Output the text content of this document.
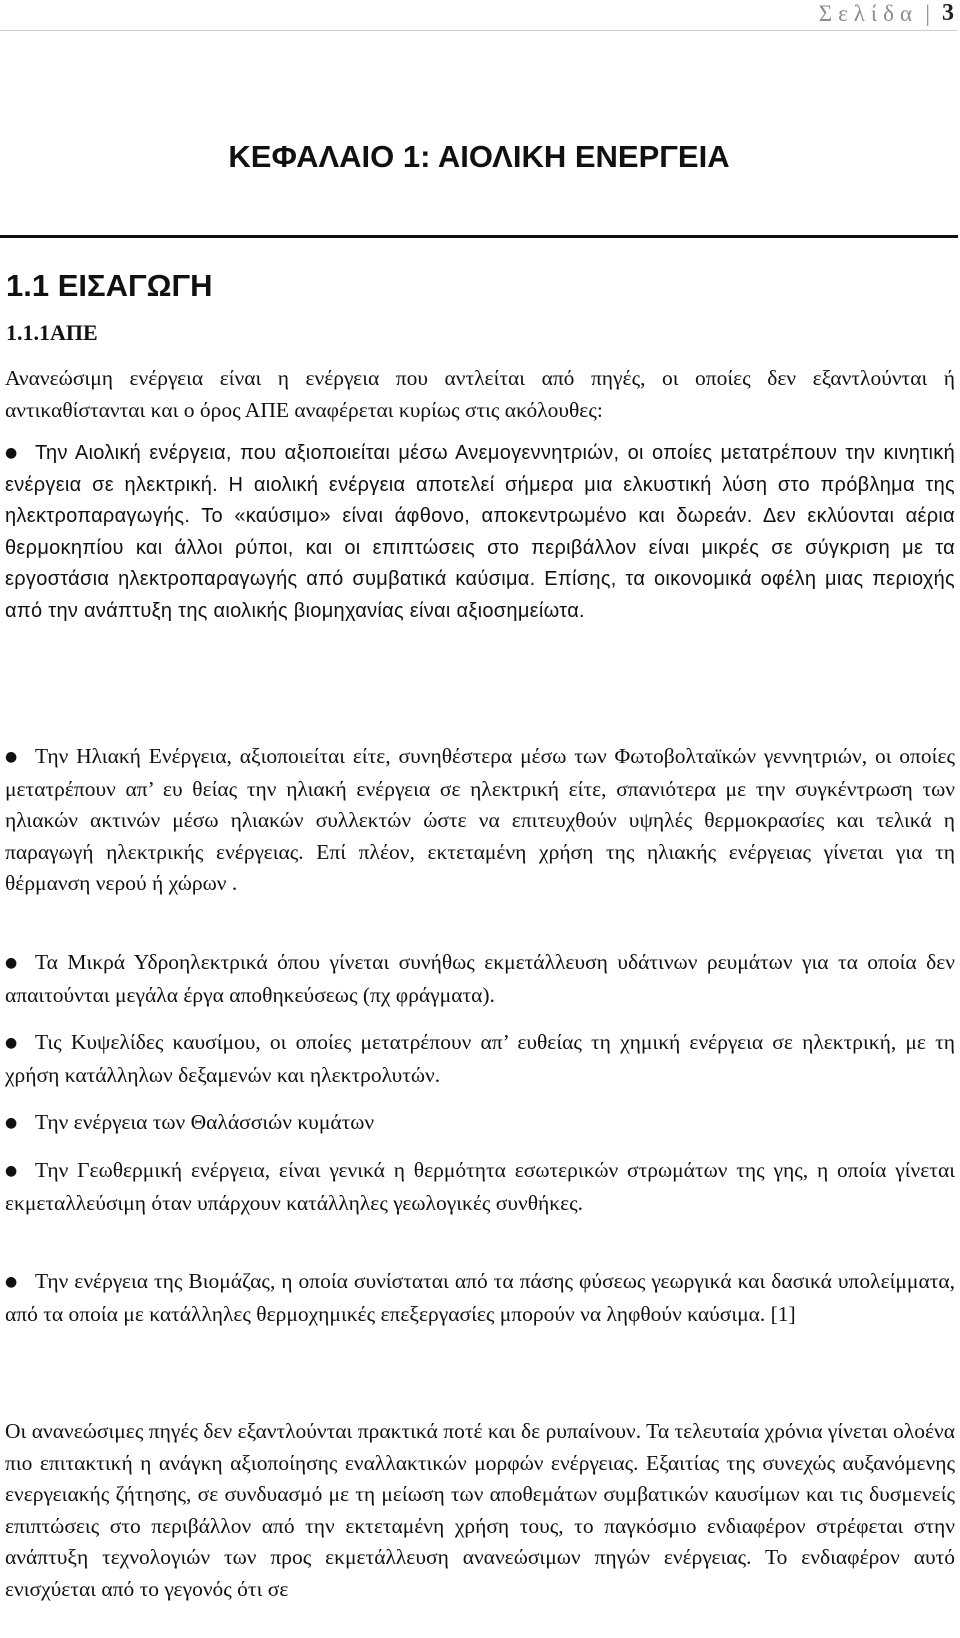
Σελίδα | 3
ΚΕΦΑΛΑΙΟ 1: ΑΙΟΛΙΚΗ ΕΝΕΡΓΕΙΑ
1.1 ΕΙΣΑΓΩΓΗ
1.1.1ΑΠΕ

Ανανεώσιμη ενέργεια είναι η ενέργεια που αντλείται από πηγές, οι οποίες δεν εξαντλούνται ή αντικαθίστανται και ο όρος ΑΠΕ αναφέρεται κυρίως στις ακόλουθες:

● Την Αιολική ενέργεια, που αξιοποιείται μέσω Ανεμογεννητριών, οι οποίες μετατρέπουν την κινητική ενέργεια σε ηλεκτρική. Η αιολική ενέργεια αποτελεί σήμερα μια ελκυστική λύση στο πρόβλημα της ηλεκτροπαραγωγής. Το «καύσιμο» είναι άφθονο, αποκεντρωμένο και δωρεάν. Δεν εκλύονται αέρια θερμοκηπίου και άλλοι ρύποι, και οι επιπτώσεις στο περιβάλλον είναι μικρές σε σύγκριση με τα εργοστάσια ηλεκτροπαραγωγής από συμβατικά καύσιμα. Επίσης, τα οικονομικά οφέλη μιας περιοχής από την ανάπτυξη της αιολικής βιομηχανίας είναι αξιοσημείωτα.

● Την Ηλιακή Ενέργεια, αξιοποιείται είτε, συνηθέστερα μέσω των Φωτοβολταϊκών γεννητριών, οι οποίες μετατρέπουν απ’ ευ θείας την ηλιακή ενέργεια σε ηλεκτρική είτε, σπανιότερα με την συγκέντρωση των ηλιακών ακτινών μέσω ηλιακών συλλεκτών ώστε να επιτευχθούν υψηλές θερμοκρασίες και τελικά η παραγωγή ηλεκτρικής ενέργειας. Επί πλέον, εκτεταμένη χρήση της ηλιακής ενέργειας γίνεται για τη θέρμανση νερού ή χώρων .

● Τα Μικρά Υδροηλεκτρικά όπου γίνεται συνήθως εκμετάλλευση υδάτινων ρευμάτων για τα οποία δεν απαιτούνται μεγάλα έργα αποθηκεύσεως (πχ φράγματα).

● Τις Κυψελίδες καυσίμου, οι οποίες μετατρέπουν απ’ ευθείας τη χημική ενέργεια σε ηλεκτρική, με τη χρήση κατάλληλων δεξαμενών και ηλεκτρολυτών.

● Την ενέργεια των Θαλάσσιών κυμάτων

● Την Γεωθερμική ενέργεια, είναι γενικά η θερμότητα εσωτερικών στρωμάτων της γης, η οποία γίνεται εκμεταλλεύσιμη όταν υπάρχουν κατάλληλες γεωλογικές συνθήκες.

● Την ενέργεια της Βιομάζας, η οποία συνίσταται από τα πάσης φύσεως γεωργικά και δασικά υπολείμματα, από τα οποία με κατάλληλες θερμοχημικές επεξεργασίες μπορούν να ληφθούν καύσιμα. [1]

Οι ανανεώσιμες πηγές δεν εξαντλούνται πρακτικά ποτέ και δε ρυπαίνουν. Τα τελευταία χρόνια γίνεται ολοένα πιο επιτακτική η ανάγκη αξιοποίησης εναλλακτικών μορφών ενέργειας. Εξαιτίας της συνεχώς αυξανόμενης ενεργειακής ζήτησης, σε συνδυασμό με τη μείωση των αποθεμάτων συμβατικών καυσίμων και τις δυσμενείς επιπτώσεις στο περιβάλλον από την εκτεταμένη χρήση τους, το παγκόσμιο ενδιαφέρον στρέφεται στην ανάπτυξη τεχνολογιών των προς εκμετάλλευση ανανεώσιμων πηγών ενέργειας. Το ενδιαφέρον αυτό ενισχύεται από το γεγονός ότι σε
